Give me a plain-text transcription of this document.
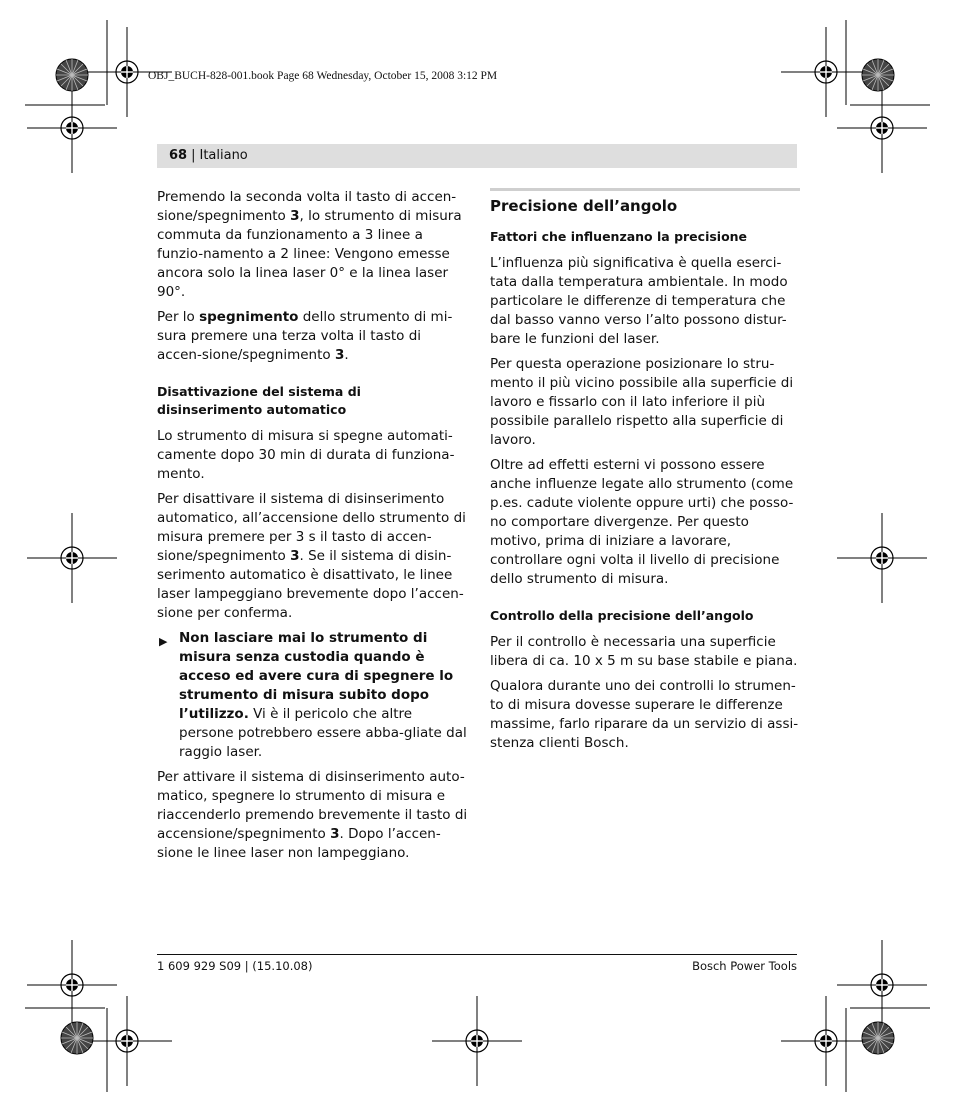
OBJ_BUCH-828-001.book Page 68 Wednesday, October 15, 2008 3:12 PM
68 | Italiano

Premendo la seconda volta il tasto di accen-sione/spegnimento 3, lo strumento di misura commuta da funzionamento a 3 linee a funzio-namento a 2 linee: Vengono emesse ancora solo la linea laser 0° e la linea laser 90°.

Per lo spegnimento dello strumento di mi-sura premere una terza volta il tasto di accen-sione/spegnimento 3.

Disattivazione del sistema di disinserimento automatico

Lo strumento di misura si spegne automati-camente dopo 30 min di durata di funziona-mento.

Per disattivare il sistema di disinserimento automatico, all’accensione dello strumento di misura premere per 3 s il tasto di accen-sione/spegnimento 3. Se il sistema di disin-serimento automatico è disattivato, le linee laser lampeggiano brevemente dopo l’accen-sione per conferma.

▶ Non lasciare mai lo strumento di misura senza custodia quando è acceso ed avere cura di spegnere lo strumento di misura subito dopo l’utilizzo. Vi è il pericolo che altre persone potrebbero essere abba-gliate dal raggio laser.

Per attivare il sistema di disinserimento auto-matico, spegnere lo strumento di misura e riaccenderlo premendo brevemente il tasto di accensione/spegnimento 3. Dopo l’accen-sione le linee laser non lampeggiano.

Precisione dell’angolo
Fattori che influenzano la precisione

L’influenza più significativa è quella eserci-tata dalla temperatura ambientale. In modo particolare le differenze di temperatura che dal basso vanno verso l’alto possono distur-bare le funzioni del laser.

Per questa operazione posizionare lo stru-mento il più vicino possibile alla superficie di lavoro e fissarlo con il lato inferiore il più possibile parallelo rispetto alla superficie di lavoro.

Oltre ad effetti esterni vi possono essere anche influenze legate allo strumento (come p.es. cadute violente oppure urti) che posso-no comportare divergenze. Per questo motivo, prima di iniziare a lavorare, controllare ogni volta il livello di precisione dello strumento di misura.

Controllo della precisione dell’angolo

Per il controllo è necessaria una superficie libera di ca. 10 x 5 m su base stabile e piana.

Qualora durante uno dei controlli lo strumen-to di misura dovesse superare le differenze massime, farlo riparare da un servizio di assi-stenza clienti Bosch.

1 609 929 S09 | (15.10.08)	Bosch Power Tools
